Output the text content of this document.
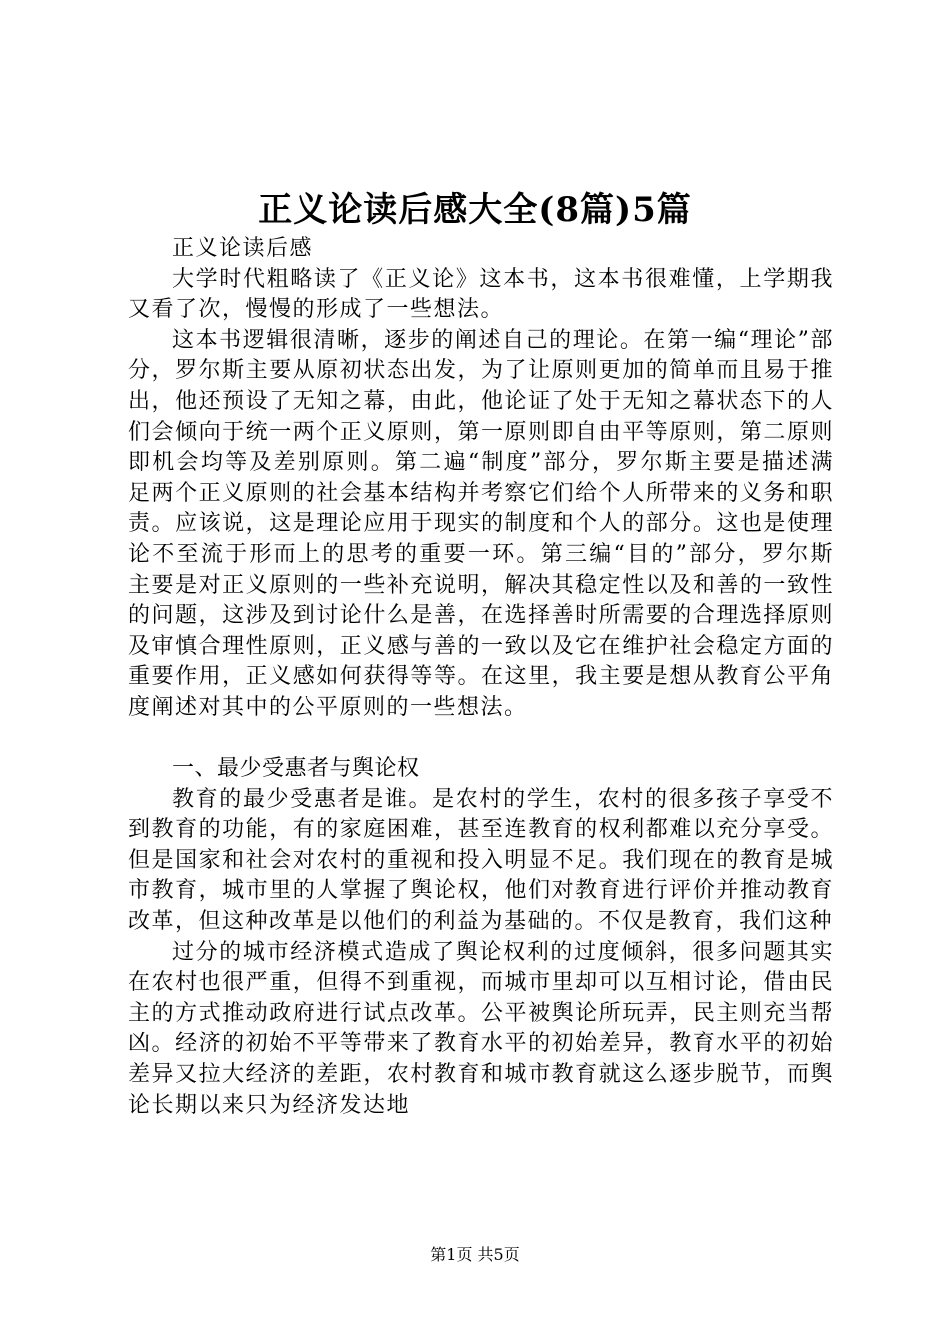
正义论读后感大全(8篇)5篇

正义论读后感

大学时代粗略读了《正义论》这本书，这本书很难懂，上学期我又看了次，慢慢的形成了一些想法。

这本书逻辑很清晰，逐步的阐述自己的理论。在第一编“理论”部分，罗尔斯主要从原初状态出发，为了让原则更加的简单而且易于推出，他还预设了无知之幕，由此，他论证了处于无知之幕状态下的人们会倾向于统一两个正义原则，第一原则即自由平等原则，第二原则即机会均等及差别原则。第二遍“制度”部分，罗尔斯主要是描述满足两个正义原则的社会基本结构并考察它们给个人所带来的义务和职责。应该说，这是理论应用于现实的制度和个人的部分。这也是使理论不至流于形而上的思考的重要一环。第三编“目的”部分，罗尔斯主要是对正义原则的一些补充说明，解决其稳定性以及和善的一致性的问题，这涉及到讨论什么是善，在选择善时所需要的合理选择原则及审慎合理性原则，正义感与善的一致以及它在维护社会稳定方面的重要作用，正义感如何获得等等。在这里，我主要是想从教育公平角度阐述对其中的公平原则的一些想法。

一、最少受惠者与舆论权

教育的最少受惠者是谁。是农村的学生，农村的很多孩子享受不到教育的功能，有的家庭困难，甚至连教育的权利都难以充分享受。但是国家和社会对农村的重视和投入明显不足。我们现在的教育是城市教育，城市里的人掌握了舆论权，他们对教育进行评价并推动教育改革，但这种改革是以他们的利益为基础的。不仅是教育，我们这种

过分的城市经济模式造成了舆论权利的过度倾斜，很多问题其实在农村也很严重，但得不到重视，而城市里却可以互相讨论，借由民主的方式推动政府进行试点改革。公平被舆论所玩弄，民主则充当帮凶。经济的初始不平等带来了教育水平的初始差异，教育水平的初始差异又拉大经济的差距，农村教育和城市教育就这么逐步脱节，而舆论长期以来只为经济发达地

第1页 共5页
